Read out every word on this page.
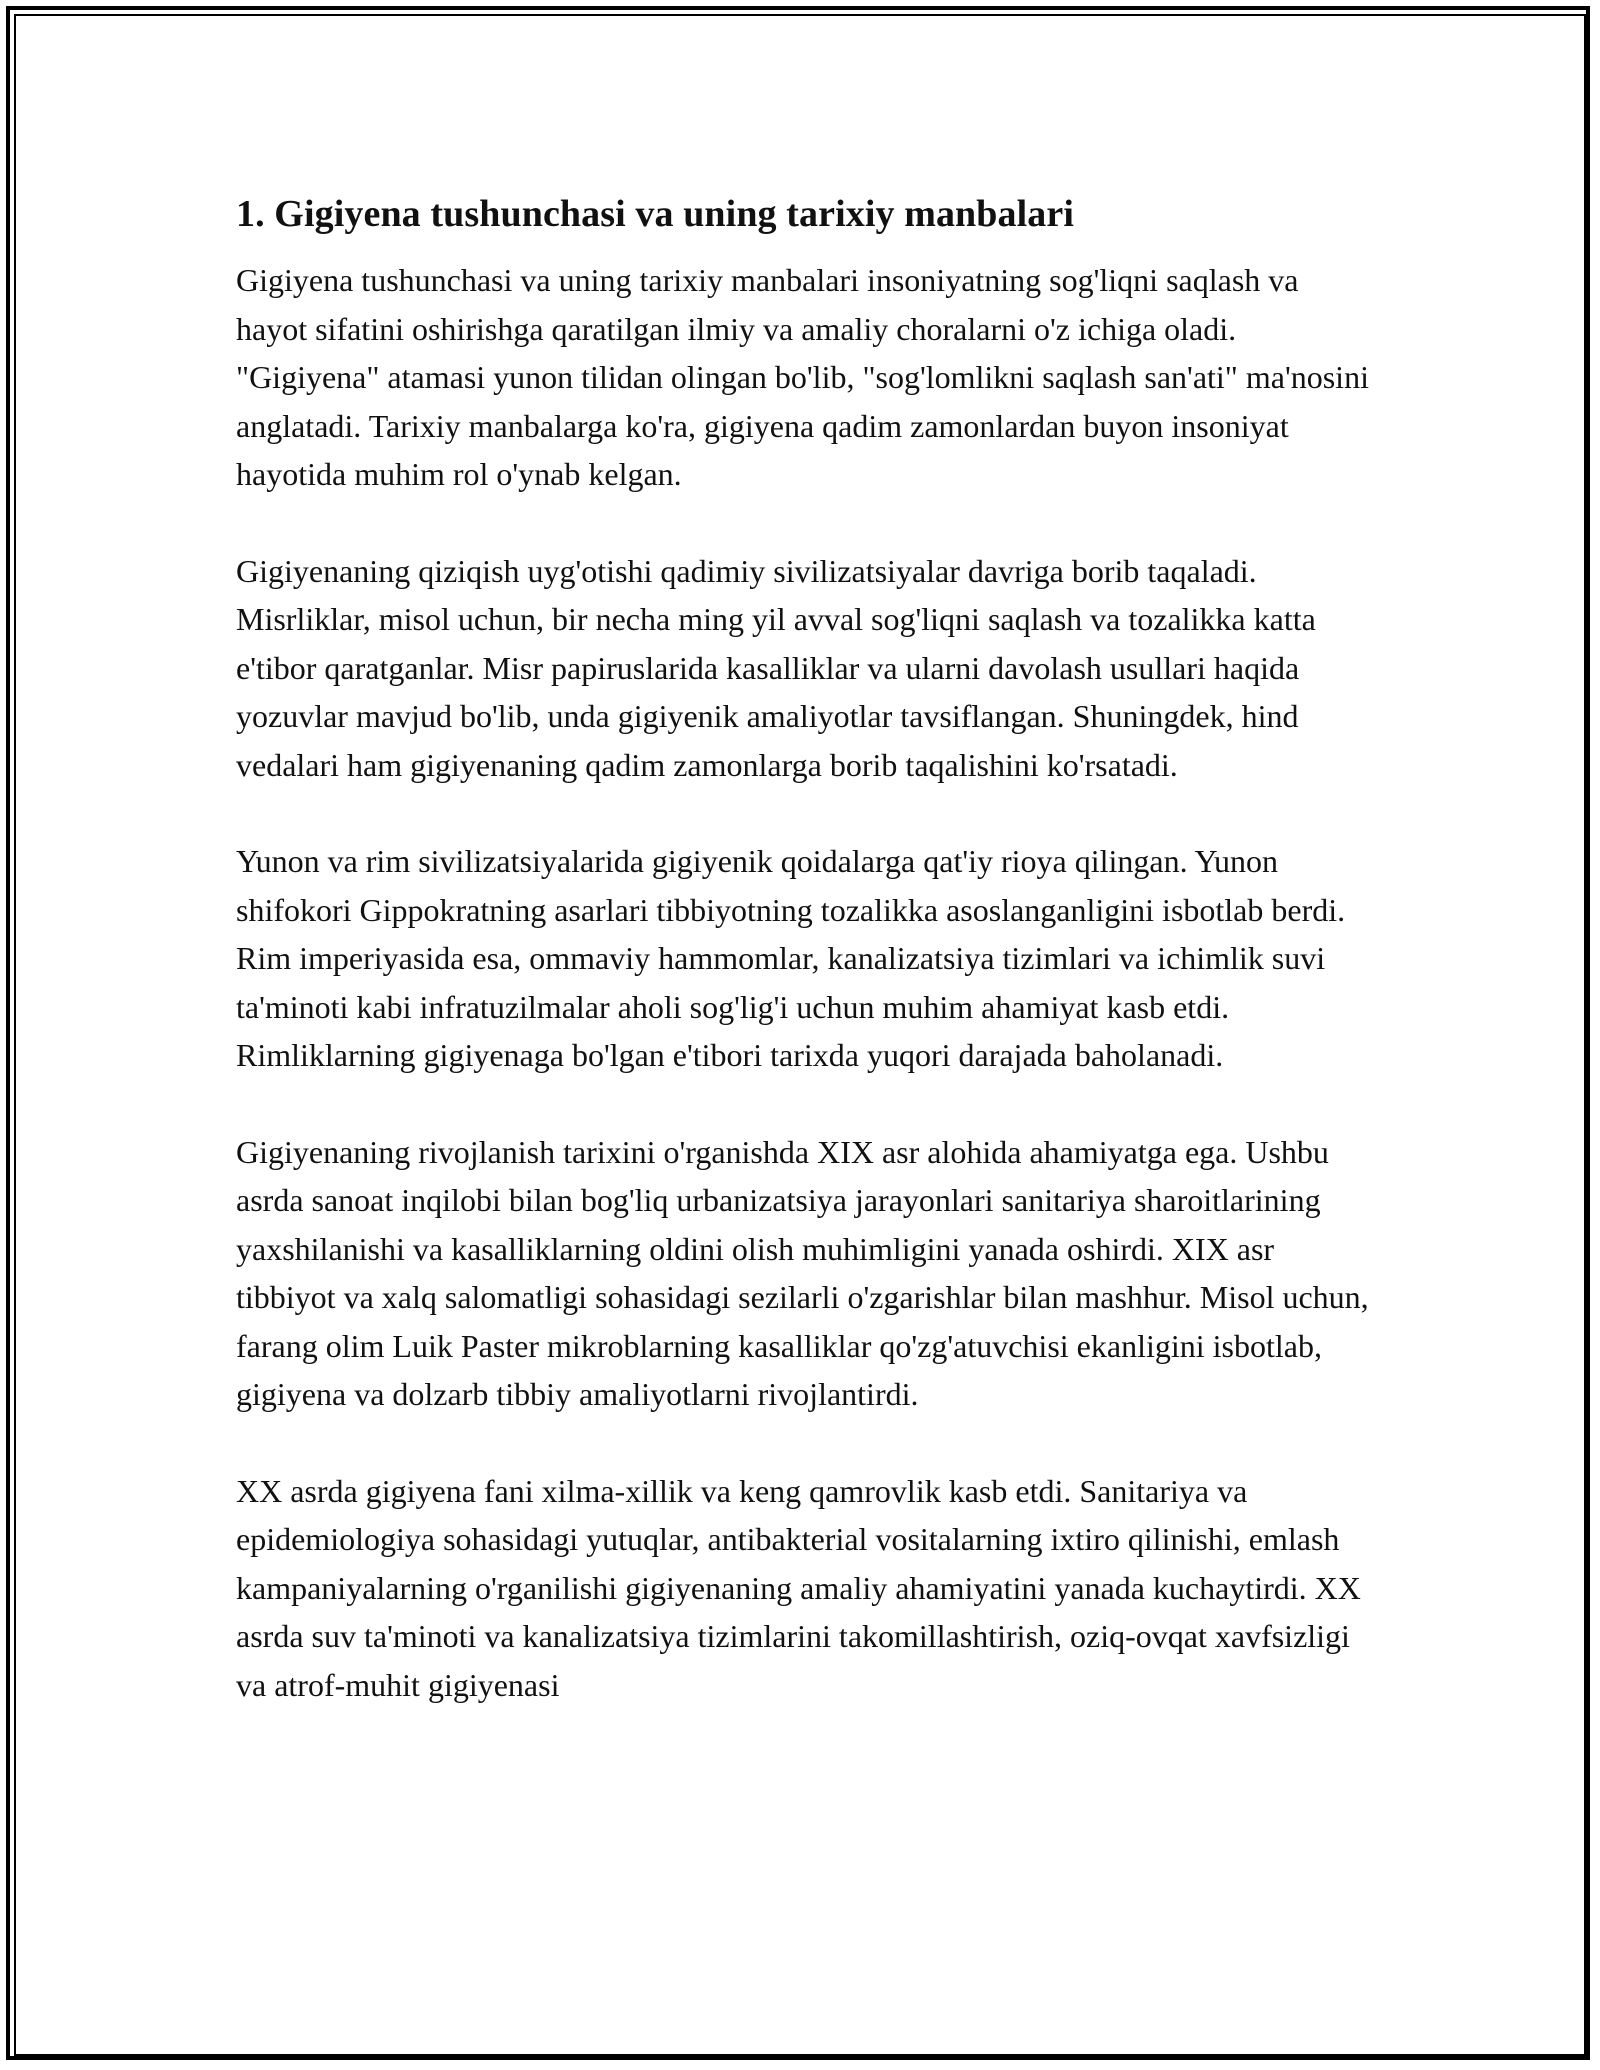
1. Gigiyena tushunchasi va uning tarixiy manbalari

Gigiyena tushunchasi va uning tarixiy manbalari insoniyatning sog'liqni saqlash va hayot sifatini oshirishga qaratilgan ilmiy va amaliy choralarni o'z ichiga oladi. "Gigiyena" atamasi yunon tilidan olingan bo'lib, "sog'lomlikni saqlash san'ati" ma'nosini anglatadi. Tarixiy manbalarga ko'ra, gigiyena qadim zamonlardan buyon insoniyat hayotida muhim rol o'ynab kelgan.

Gigiyenaning qiziqish uyg'otishi qadimiy sivilizatsiyalar davriga borib taqaladi. Misrliklar, misol uchun, bir necha ming yil avval sog'liqni saqlash va tozalikka katta e'tibor qaratganlar. Misr papiruslarida kasalliklar va ularni davolash usullari haqida yozuvlar mavjud bo'lib, unda gigiyenik amaliyotlar tavsiflangan. Shuningdek, hind vedalari ham gigiyenaning qadim zamonlarga borib taqalishini ko'rsatadi.

Yunon va rim sivilizatsiyalarida gigiyenik qoidalarga qat'iy rioya qilingan. Yunon shifokori Gippokratning asarlari tibbiyotning tozalikka asoslanganligini isbotlab berdi. Rim imperiyasida esa, ommaviy hammomlar, kanalizatsiya tizimlari va ichimlik suvi ta'minoti kabi infratuzilmalar aholi sog'lig'i uchun muhim ahamiyat kasb etdi. Rimliklarning gigiyenaga bo'lgan e'tibori tarixda yuqori darajada baholanadi.

Gigiyenaning rivojlanish tarixini o'rganishda XIX asr alohida ahamiyatga ega. Ushbu asrda sanoat inqilobi bilan bog'liq urbanizatsiya jarayonlari sanitariya sharoitlarining yaxshilanishi va kasalliklarning oldini olish muhimligini yanada oshirdi. XIX asr tibbiyot va xalq salomatligi sohasidagi sezilarli o'zgarishlar bilan mashhur. Misol uchun, farang olim Luik Paster mikroblarning kasalliklar qo'zg'atuvchisi ekanligini isbotlab, gigiyena va dolzarb tibbiy amaliyotlarni rivojlantirdi.

XX asrda gigiyena fani xilma-xillik va keng qamrovlik kasb etdi. Sanitariya va epidemiologiya sohasidagi yutuqlar, antibakterial vositalarning ixtiro qilinishi, emlash kampaniyalarning o'rganilishi gigiyenaning amaliy ahamiyatini yanada kuchaytirdi. XX asrda suv ta'minoti va kanalizatsiya tizimlarini takomillashtirish, oziq-ovqat xavfsizligi va atrof-muhit gigiyenasi
